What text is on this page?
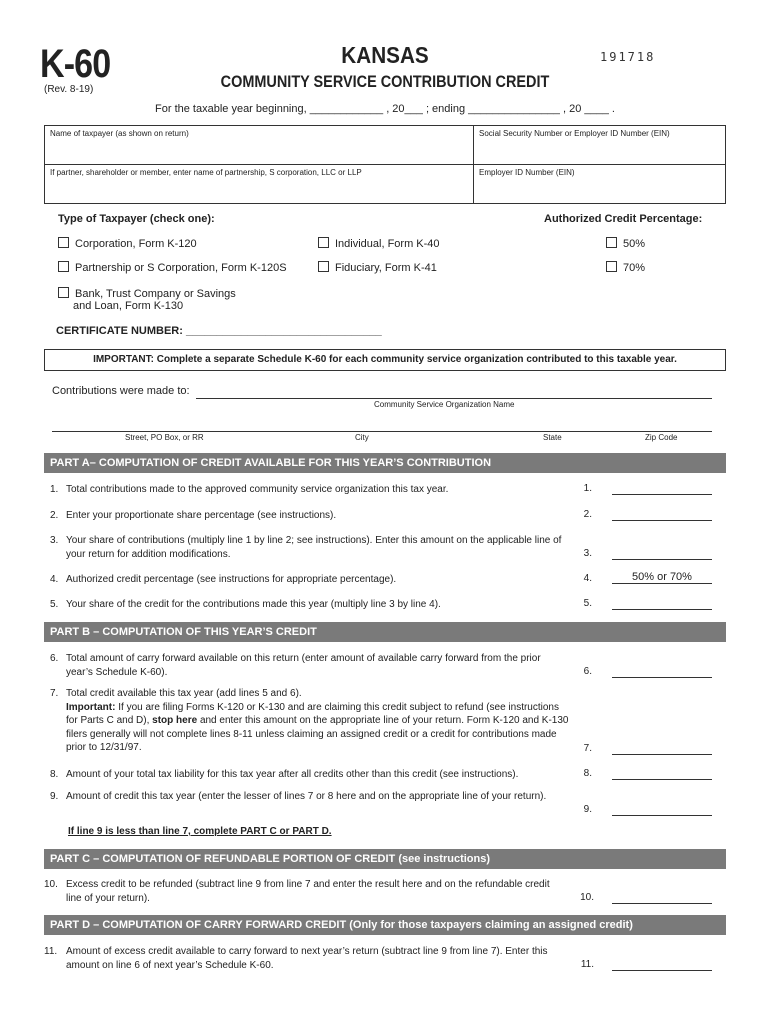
K-60
(Rev. 8-19)
KANSAS	191718
COMMUNITY SERVICE CONTRIBUTION CREDIT
For the taxable year beginning, ____________ , 20___ ; ending _______________ , 20 ____ .
Name of taxpayer (as shown on return)	Social Security Number or Employer ID Number (EIN)
If partner, shareholder or member, enter name of partnership, S corporation, LLC or LLP	Employer ID Number (EIN)
Type of Taxpayer (check one):	Authorized Credit Percentage:
Corporation, Form K-120	Individual, Form K-40	50%
Partnership or S Corporation, Form K-120S	Fiduciary, Form K-41	70%
Bank, Trust Company or Savings
and Loan, Form K-130
CERTIFICATE NUMBER: ________________________________
IMPORTANT: Complete a separate Schedule K-60 for each community service organization contributed to this taxable year.
Contributions were made to:
Community Service Organization Name
Street, PO Box, or RR	City	State	Zip Code
PART A– COMPUTATION OF CREDIT AVAILABLE FOR THIS YEAR’S CONTRIBUTION
1. Total contributions made to the approved community service organization this tax year.	1.
2. Enter your proportionate share percentage (see instructions).	2.
3. Your share of contributions (multiply line 1 by line 2; see instructions). Enter this amount on the applicable line of your return for addition modifications.	3.
4. Authorized credit percentage (see instructions for appropriate percentage).	4.	50% or 70%
5. Your share of the credit for the contributions made this year (multiply line 3 by line 4).	5.
PART B – COMPUTATION OF THIS YEAR’S CREDIT
6. Total amount of carry forward available on this return (enter amount of available carry forward from the prior year’s Schedule K-60).	6.
7. Total credit available this tax year (add lines 5 and 6).
Important: If you are filing Forms K-120 or K-130 and are claiming this credit subject to refund (see instructions for Parts C and D), stop here and enter this amount on the appropriate line of your return. Form K-120 and K-130 filers generally will not complete lines 8-11 unless claiming an assigned credit or a credit for contributions made prior to 12/31/97.	7.
8. Amount of your total tax liability for this tax year after all credits other than this credit (see instructions).	8.
9. Amount of credit this tax year (enter the lesser of lines 7 or 8 here and on the appropriate line of your return).
9.
If line 9 is less than line 7, complete PART C or PART D.
PART C – COMPUTATION OF REFUNDABLE PORTION OF CREDIT (see instructions)
10. Excess credit to be refunded (subtract line 9 from line 7 and enter the result here and on the refundable credit line of your return).	10.
PART D – COMPUTATION OF CARRY FORWARD CREDIT (Only for those taxpayers claiming an assigned credit)
11. Amount of excess credit available to carry forward to next year’s return (subtract line 9 from line 7). Enter this amount on line 6 of next year’s Schedule K-60.	11.
